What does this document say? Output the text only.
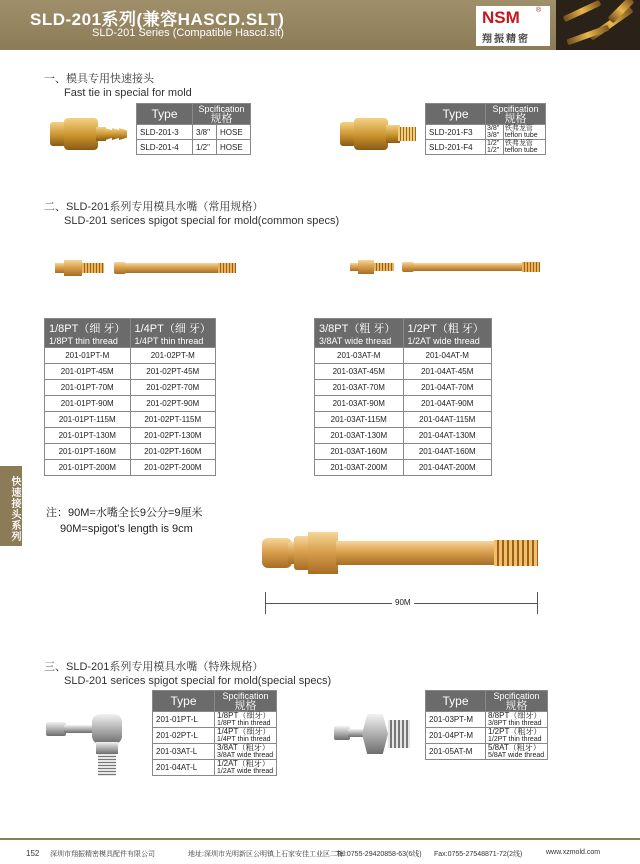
SLD-201系列(兼容HASCD.SLT)
SLD-201 Series (Compatible Hascd.slt)
NSM ®
翔振精密
快速接头系列
一、模具专用快速接头
Fast tie in special for mold
Type	Spcification
规格	

SLD-201-3	3/8"	HOSE
SLD-201-4	1/2"	HOSE
Type	Spcification
规格	

SLD-201-F3	3/8"
3/8"	铁弗龙管
teflon tube

SLD-201-F4	1/2"
1/2"	铁弗龙管
teflon tube
二、SLD-201系列专用模具水嘴（常用规格）
SLD-201 serices spigot special for mold(common specs)
1/8PT（细 牙）
1/8PT thin thread	1/4PT（细 牙）
1/4PT thin thread

201-01PT-M	201-02PT-M
201-01PT-45M	201-02PT-45M
201-01PT-70M	201-02PT-70M
201-01PT-90M	201-02PT-90M
201-01PT-115M	201-02PT-115M
201-01PT-130M	201-02PT-130M
201-01PT-160M	201-02PT-160M
201-01PT-200M	201-02PT-200M
3/8PT（粗 牙）
3/8AT wide thread	1/2PT（粗 牙）
1/2AT wide thread

201-03AT-M	201-04AT-M
201-03AT-45M	201-04AT-45M
201-03AT-70M	201-04AT-70M
201-03AT-90M	201-04AT-90M
201-03AT-115M	201-04AT-115M
201-03AT-130M	201-04AT-130M
201-03AT-160M	201-04AT-160M
201-03AT-200M	201-04AT-200M
注：90M=水嘴全长9公分=9厘米
90M=spigot’s length is 9cm
90M
三、SLD-201系列专用模具水嘴（特殊规格）
SLD-201 serices spigot special for mold(special specs)
Type	Spcification
规格

201-01PT-L	1/8PT（细牙）
1/8PT thin thread

201-02PT-L	1/4PT（细牙）
1/4PT thin thread

201-03AT-L	3/8AT（粗牙）
3/8AT wide thread

201-04AT-L	1/2AT（粗牙）
1/2AT wide thread
Type	Spcification
规格

201-03PT-M	8/8PT（细牙）
3/8PT thin thread

201-04PT-M	1/2PT（粗牙）
1/2PT thin thread

201-05AT-M	5/8AT（粗牙）
5/8AT wide thread
152 深圳市翔振精密模具配件有限公司	地址:深圳市光明新区公明镇上石家安佳工业区二栋
Tel:0755-29420858-63(6线) Fax:0755-27548871-72(2线)	www.xzmold.com
